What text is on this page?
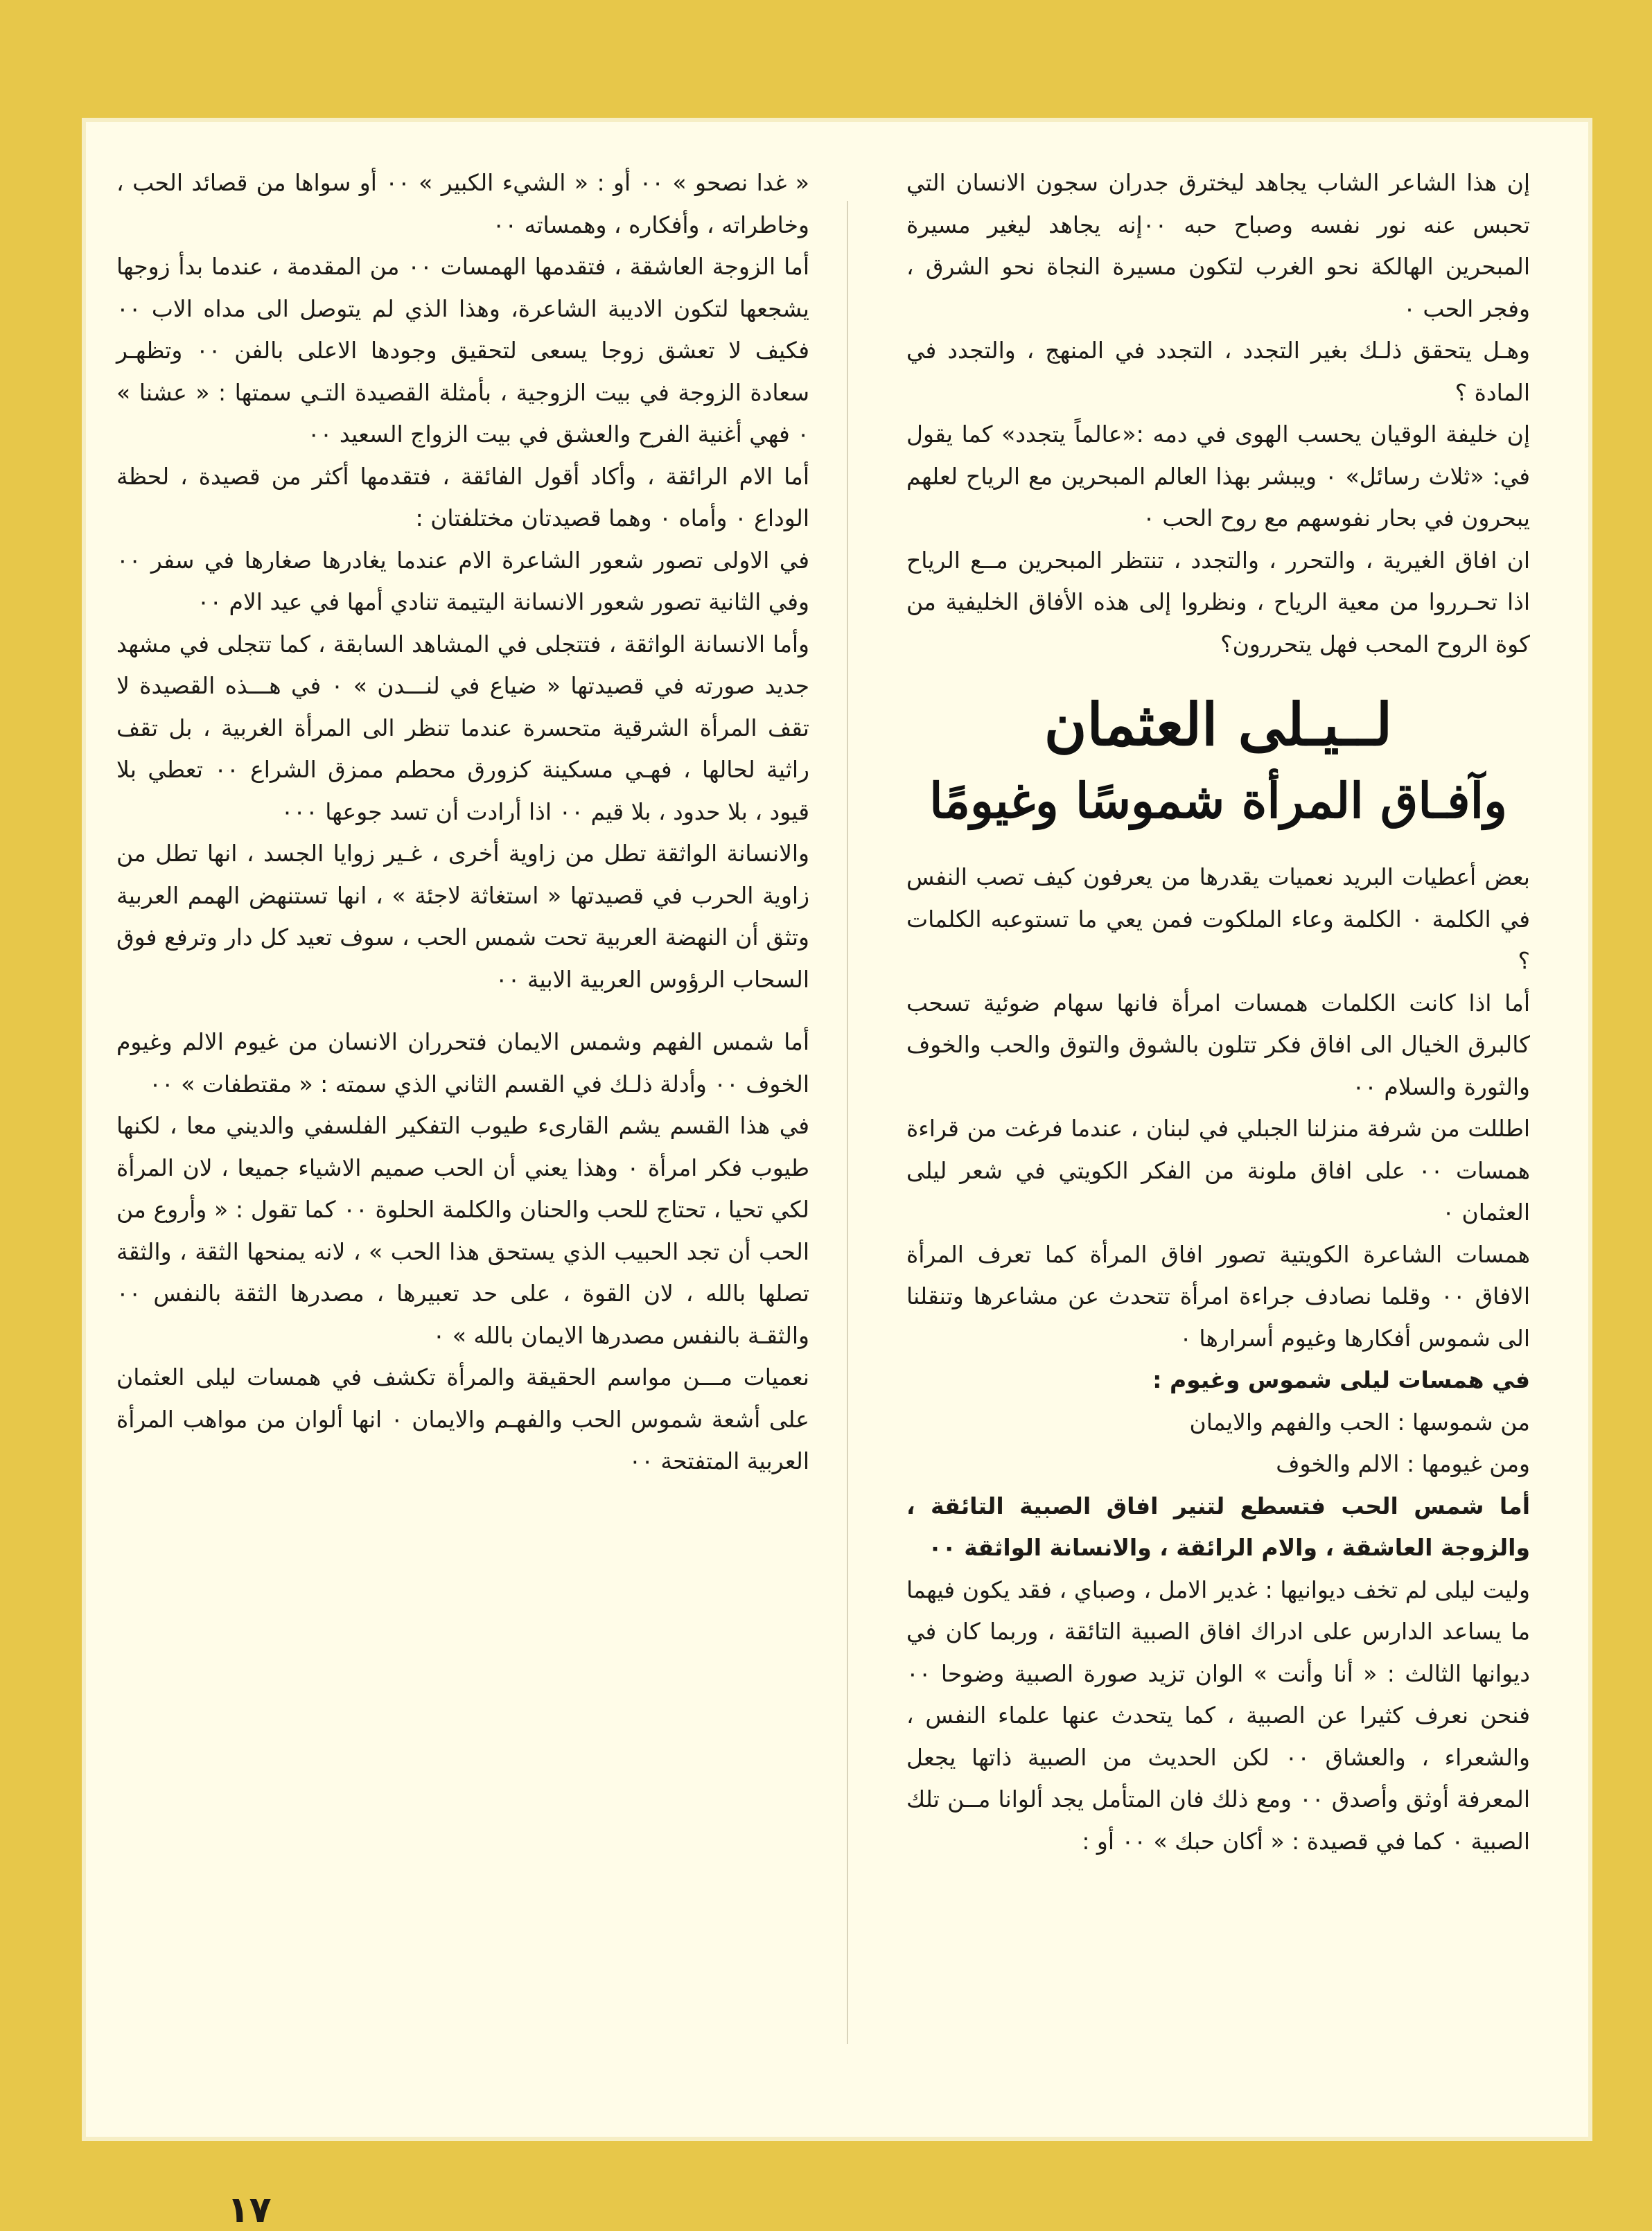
إن هذا الشاعر الشاب يجاهد ليخترق جدران سجون الانسان التي تحبس عنه نور نفسه وصباح حبه ٠٠إنه يجاهد ليغير مسيرة المبحرين الهالكة نحو الغرب لتكون مسيرة النجاة نحو الشرق ، وفجر الحب ٠

وهـل يتحقق ذلـك بغير التجدد ، التجدد في المنهج ، والتجدد في المادة ؟

إن خليفة الوقيان يحسب الهوى في دمه :«عالماً يتجدد» كما يقول في: «ثلاث رسائل» ٠ ويبشر بهذا العالم المبحرين مع الرياح لعلهم يبحرون في بحار نفوسهم مع روح الحب ٠

ان افاق الغيرية ، والتحرر ، والتجدد ، تنتظر المبحرين مــع الرياح اذا تحـرروا من معية الرياح ، ونظروا إلى هذه الأفاق الخليفية من كوة الروح المحب فهل يتحررون؟

لــيـلى العثمان

وآفـاق المرأة شموسًا وغيومًا

بعض أعطيات البريد نعميات يقدرها من يعرفون كيف تصب النفس في الكلمة ٠ الكلمة وعاء الملكوت فمن يعي ما تستوعبه الكلمات ؟

أما اذا كانت الكلمات همسات امرأة فانها سهام ضوئية تسحب كالبرق الخيال الى افاق فكر تتلون بالشوق والتوق والحب والخوف والثورة والسلام ٠٠

اطللت من شرفة منزلنا الجبلي في لبنان ، عندما فرغت من قراءة همسات ٠٠ على افاق ملونة من الفكر الكويتي في شعر ليلى العثمان ٠

همسات الشاعرة الكويتية تصور افاق المرأة كما تعرف المرأة الافاق ٠٠ وقلما نصادف جراءة امرأة تتحدث عن مشاعرها وتنقلنا الى شموس أفكارها وغيوم أسرارها ٠

في همسات ليلى شموس وغيوم :

من شموسها : الحب والفهم والايمان

ومن غيومها : الالم والخوف

أما شمس الحب فتسطع لتنير افاق الصبية التائقة ، والزوجة العاشقة ، والام الرائقة ، والانسانة الواثقة ٠٠

وليت ليلى لم تخف ديوانيها : غدير الامل ، وصباي ، فقد يكون فيهما ما يساعد الدارس على ادراك افاق الصبية التائقة ، وربما كان في ديوانها الثالث : « أنا وأنت » الوان تزيد صورة الصبية وضوحا ٠٠ فنحن نعرف كثيرا عن الصبية ، كما يتحدث عنها علماء النفس ، والشعراء ، والعشاق ٠٠ لكن الحديث من الصبية ذاتها يجعل المعرفة أوثق وأصدق ٠٠ ومع ذلك فان المتأمل يجد ألوانا مــن تلك الصبية ٠ كما في قصيدة : « أكان حبك » ٠٠ أو :

« غدا نصحو » ٠٠ أو : « الشيء الكبير » ٠٠ أو سواها من قصائد الحب ، وخاطراته ، وأفكاره ، وهمساته ٠٠

أما الزوجة العاشقة ، فتقدمها الهمسات ٠٠ من المقدمة ، عندما بدأ زوجها يشجعها لتكون الاديبة الشاعرة، وهذا الذي لم يتوصل الى مداه الاب ٠٠ فكيف لا تعشق زوجا يسعى لتحقيق وجودها الاعلى بالفن ٠٠ وتظهـر سعادة الزوجة في بيت الزوجية ، بأمثلة القصيدة التـي سمتها : « عشنا » ٠ فهي أغنية الفرح والعشق في بيت الزواج السعيد ٠٠

أما الام الرائقة ، وأكاد أقول الفائقة ، فتقدمها أكثر من قصيدة ، لحظة الوداع ٠ وأماه ٠ وهما قصيدتان مختلفتان :

في الاولى تصور شعور الشاعرة الام عندما يغادرها صغارها في سفر ٠٠ وفي الثانية تصور شعور الانسانة اليتيمة تنادي أمها في عيد الام ٠٠

وأما الانسانة الواثقة ، فتتجلى في المشاهد السابقة ، كما تتجلى في مشهد جديد صورته في قصيدتها « ضياع في لنـــدن » ٠ في هـــذه القصيدة لا تقف المرأة الشرقية متحسرة عندما تنظر الى المرأة الغربية ، بل تقف راثية لحالها ، فهـي مسكينة كزورق محطم ممزق الشراع ٠٠ تعطي بلا قيود ، بلا حدود ، بلا قيم ٠٠ اذا أرادت أن تسد جوعها ٠٠٠

والانسانة الواثقة تطل من زاوية أخرى ، غـير زوايا الجسد ، انها تطل من زاوية الحرب في قصيدتها « استغاثة لاجئة » ، انها تستنهض الهمم العربية وتثق أن النهضة العربية تحت شمس الحب ، سوف تعيد كل دار وترفع فوق السحاب الرؤوس العربية الابية ٠٠

أما شمس الفهم وشمس الايمان فتحرران الانسان من غيوم الالم وغيوم الخوف ٠٠ وأدلة ذلـك في القسم الثاني الذي سمته : « مقتطفات » ٠٠

في هذا القسم يشم القارىء طيوب التفكير الفلسفي والديني معا ، لكنها طيوب فكر امرأة ٠ وهذا يعني أن الحب صميم الاشياء جميعا ، لان المرأة لكي تحيا ، تحتاج للحب والحنان والكلمة الحلوة ٠٠ كما تقول : « وأروع من الحب أن تجد الحبيب الذي يستحق هذا الحب » ، لانه يمنحها الثقة ، والثقة تصلها بالله ، لان القوة ، على حد تعبيرها ، مصدرها الثقة بالنفس ٠٠ والثقـة بالنفس مصدرها الايمان بالله » ٠

نعميات مـــن مواسم الحقيقة والمرأة تكشف في همسات ليلى العثمان على أشعة شموس الحب والفهـم والايمان ٠ انها ألوان من مواهب المرأة العربية المتفتحة ٠٠

١٧
